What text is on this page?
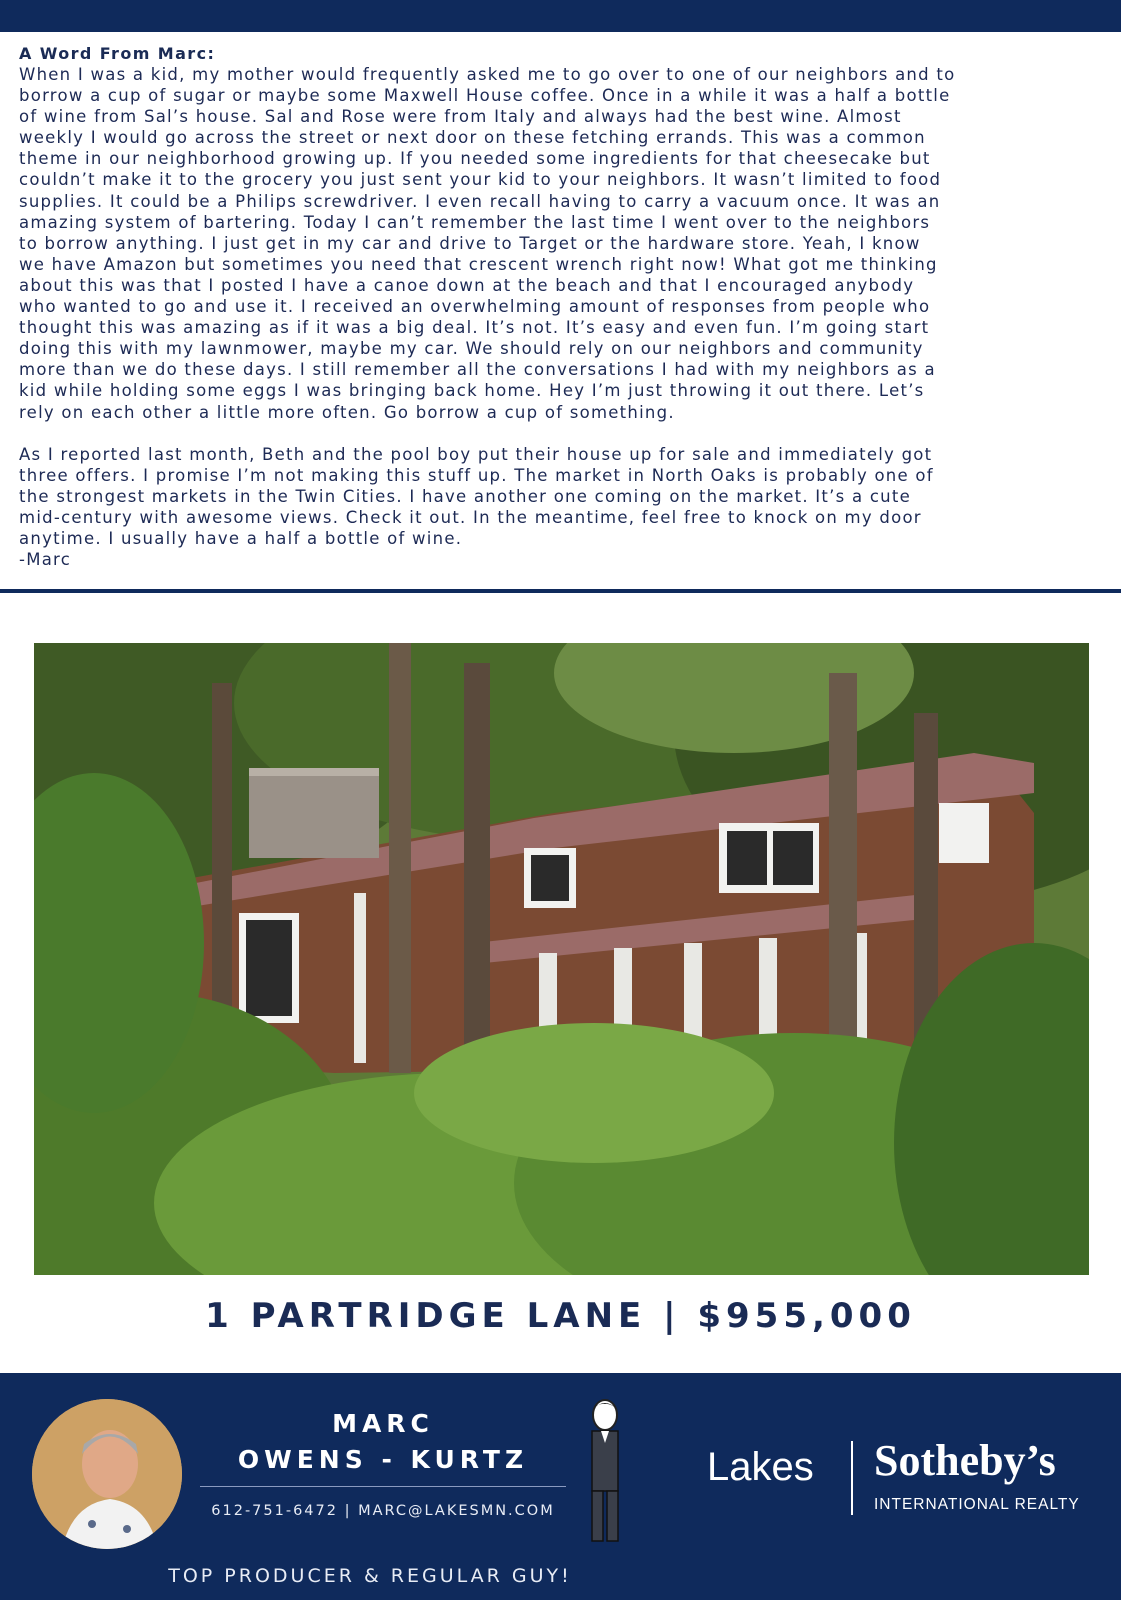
A Word From Marc:

When I was a kid, my mother would frequently asked me to go over to one of our neighbors and to
borrow a cup of sugar or maybe some Maxwell House coffee. Once in a while it was a half a bottle
of wine from Sal’s house. Sal and Rose were from Italy and always had the best wine. Almost
weekly I would go across the street or next door on these fetching errands. This was a common
theme in our neighborhood growing up. If you needed some ingredients for that cheesecake but
couldn’t make it to the grocery you just sent your kid to your neighbors. It wasn’t limited to food
supplies. It could be a Philips screwdriver. I even recall having to carry a vacuum once. It was an
amazing system of bartering. Today I can’t remember the last time I went over to the neighbors
to borrow anything. I just get in my car and drive to Target or the hardware store. Yeah, I know
we have Amazon but sometimes you need that crescent wrench right now! What got me thinking
about this was that I posted I have a canoe down at the beach and that I encouraged anybody
who wanted to go and use it. I received an overwhelming amount of responses from people who
thought this was amazing as if it was a big deal. It’s not. It’s easy and even fun. I’m going start
doing this with my lawnmower, maybe my car. We should rely on our neighbors and community
more than we do these days. I still remember all the conversations I had with my neighbors as a
kid while holding some eggs I was bringing back home. Hey I’m just throwing it out there. Let’s
rely on each other a little more often. Go borrow a cup of something.

As I reported last month, Beth and the pool boy put their house up for sale and immediately got
three offers. I promise I’m not making this stuff up. The market in North Oaks is probably one of
the strongest markets in the Twin Cities. I have another one coming on the market. It’s a cute
mid-century with awesome views. Check it out. In the meantime, feel free to knock on my door
anytime. I usually have a half a bottle of wine.
-Marc

1 PARTRIDGE LANE | $955,000
MARC
OWENS - KURTZ
612-751-6472 | MARC@LAKESMN.COM
TOP PRODUCER & REGULAR GUY!
Lakes Sotheby’s
INTERNATIONAL REALTY
